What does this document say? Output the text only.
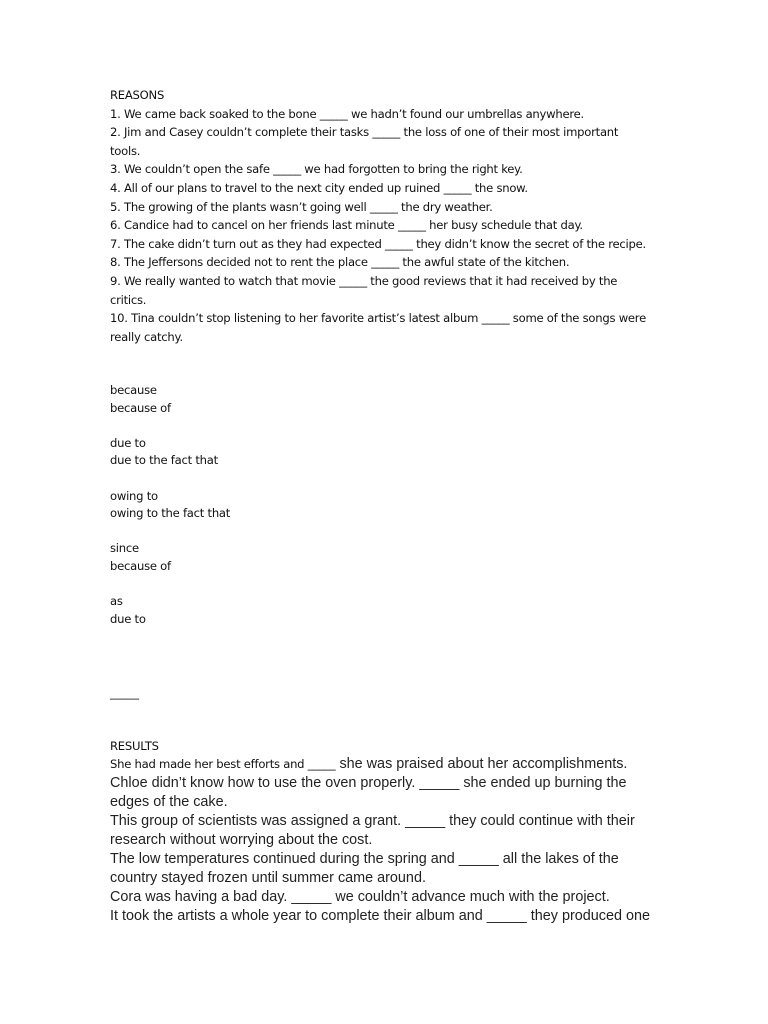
REASONS
1. We came back soaked to the bone _____ we hadn’t found our umbrellas anywhere.
2. Jim and Casey couldn’t complete their tasks _____ the loss of one of their most important tools.
3. We couldn’t open the safe _____ we had forgotten to bring the right key.
4. All of our plans to travel to the next city ended up ruined _____ the snow.
5. The growing of the plants wasn’t going well _____ the dry weather.
6. Candice had to cancel on her friends last minute _____ her busy schedule that day.
7. The cake didn’t turn out as they had expected _____ they didn’t know the secret of the recipe.
8. The Jeffersons decided not to rent the place _____ the awful state of the kitchen.
9. We really wanted to watch that movie _____ the good reviews that it had received by the critics.
10. Tina couldn’t stop listening to her favorite artist’s latest album _____ some of the songs were really catchy.
because
because of
due to
due to the fact that
owing to
owing to the fact that
since
because of
as
due to
_____
RESULTS
She had made her best efforts and _____ she was praised about her accomplishments.
Chloe didn’t know how to use the oven properly. _____ she ended up burning the edges of the cake.
This group of scientists was assigned a grant. _____ they could continue with their research without worrying about the cost.
The low temperatures continued during the spring and _____ all the lakes of the country stayed frozen until summer came around.
Cora was having a bad day. _____ we couldn’t advance much with the project.
It took the artists a whole year to complete their album and _____ they produced one
